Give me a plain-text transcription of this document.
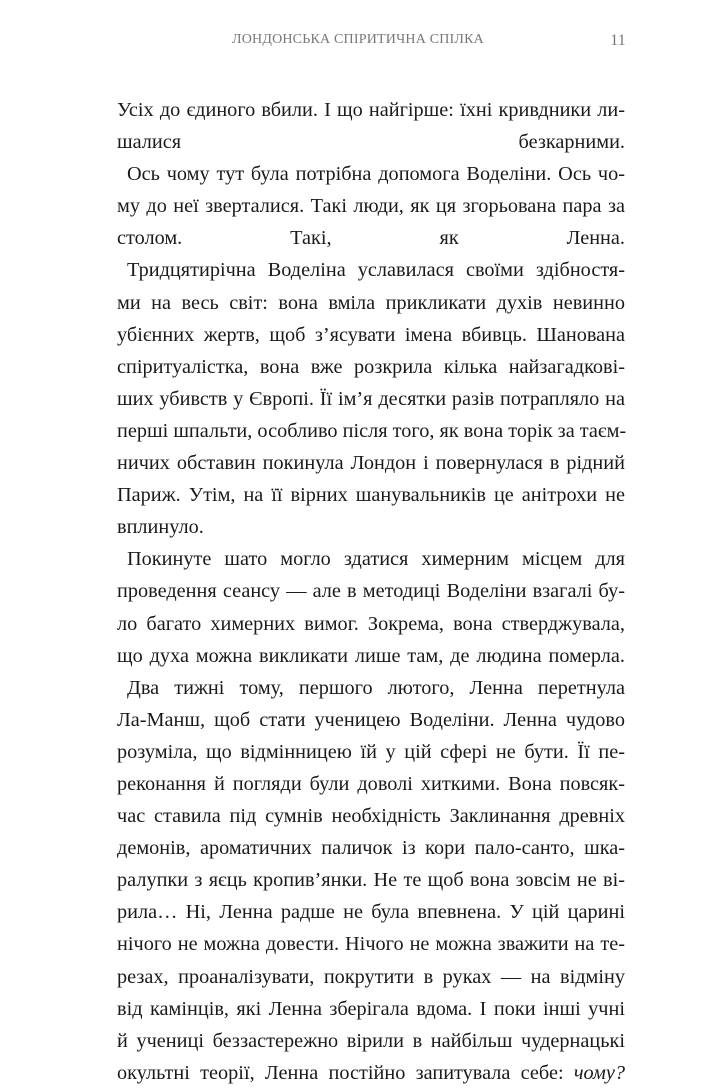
ЛОНДОНСЬКА СПІРИТИЧНА СПІЛКА	11

Усіх до єдиного вбили. І що найгірше: їхні кривдники ли-
шалися безкарними.

Ось чому тут була потрібна допомога Воделіни. Ось чо-
му до неї зверталися. Такі люди, як ця згорьована пара за
столом. Такі, як Ленна.

Тридцятирічна Воделіна уславилася своїми здібностя-
ми на весь світ: вона вміла прикликати духів невинно
убієнних жертв, щоб з’ясувати імена вбивць. Шанована
спіритуалістка, вона вже розкрила кілька найзагадкові-
ших убивств у Європі. Її ім’я десятки разів потрапляло на
перші шпальти, особливо після того, як вона торік за таєм-
ничих обставин покинула Лондон і повернулася в рідний
Париж. Утім, на її вірних шанувальників це анітрохи не
вплинуло.

Покинуте шато могло здатися химерним місцем для
проведення сеансу — але в методиці Воделіни взагалі бу-
ло багато химерних вимог. Зокрема, вона стверджувала,
що духа можна викликати лише там, де людина померла.

Два тижні тому, першого лютого, Ленна перетнула
Ла-Манш, щоб стати ученицею Воделіни. Ленна чудово
розуміла, що відмінницею їй у цій сфері не бути. Її пе-
реконання й погляди були доволі хиткими. Вона повсяк-
час ставила під сумнів необхідність Заклинання древніх
демонів, ароматичних паличок із кори пало-санто, шка-
ралупки з яєць кропив’янки. Не те щоб вона зовсім не ві-
рила… Ні, Ленна радше не була впевнена. У цій царині
нічого не можна довести. Нічого не можна зважити на те-
резах, проаналізувати, покрутити в руках — на відміну
від камінців, які Ленна зберігала вдома. І поки інші учні
й учениці беззастережно вірили в найбільш чудернацькі
окультні теорії, Ленна постійно запитувала себе: чому?
